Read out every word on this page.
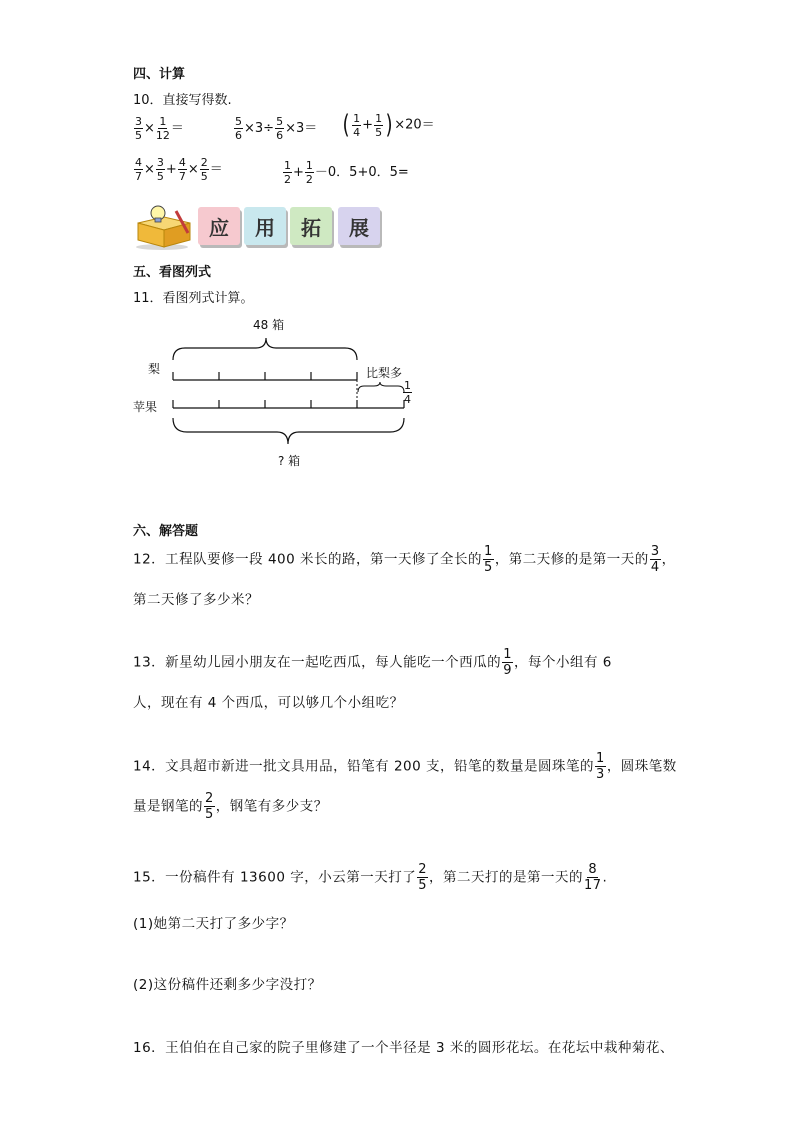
四、计算
10．直接写得数.
$\frac{3}{5} \times \frac{1}{12}$ ＝	$\frac{5}{6} \times 3\div \frac{5}{6} \times 3=$ ( $\frac{1}{4} + \frac{1}{5}$ ) ×20＝
$\frac{4}{7} \times \frac{3}{5} + \frac{4}{7} \times \frac{2}{5}$ ＝	$\frac{1}{2} + \frac{1}{2} -0$．5+0．5=
应 用 拓 展
五、看图列式
11．看图列式计算。
48 箱
梨
苹果
比梨多
$\frac{1}{4}$
? 箱
六、解答题
12．工程队要修一段 400 米长的路，第一天修了全长的 $\frac{1}{5}$ ，第二天修的是第一天的 $\frac{3}{4}$ ，
第二天修了多少米？
13．新星幼儿园小朋友在一起吃西瓜，每人能吃一个西瓜的 $\frac{1}{9}$ ，每个小组有 6
人，现在有 4 个西瓜，可以够几个小组吃？
14．文具超市新进一批文具用品，铅笔有 200 支，铅笔的数量是圆珠笔的 $\frac{1}{3}$ ，圆珠笔数
量是钢笔的 $\frac{2}{5}$ ，钢笔有多少支？
15．一份稿件有 13600 字，小云第一天打了 $\frac{2}{5}$ ，第二天打的是第一天的 $\frac{8}{17}$ .
(1)她第二天打了多少字？
(2)这份稿件还剩多少字没打？
16．王伯伯在自己家的院子里修建了一个半径是 3 米的圆形花坛。在花坛中栽种菊花、
